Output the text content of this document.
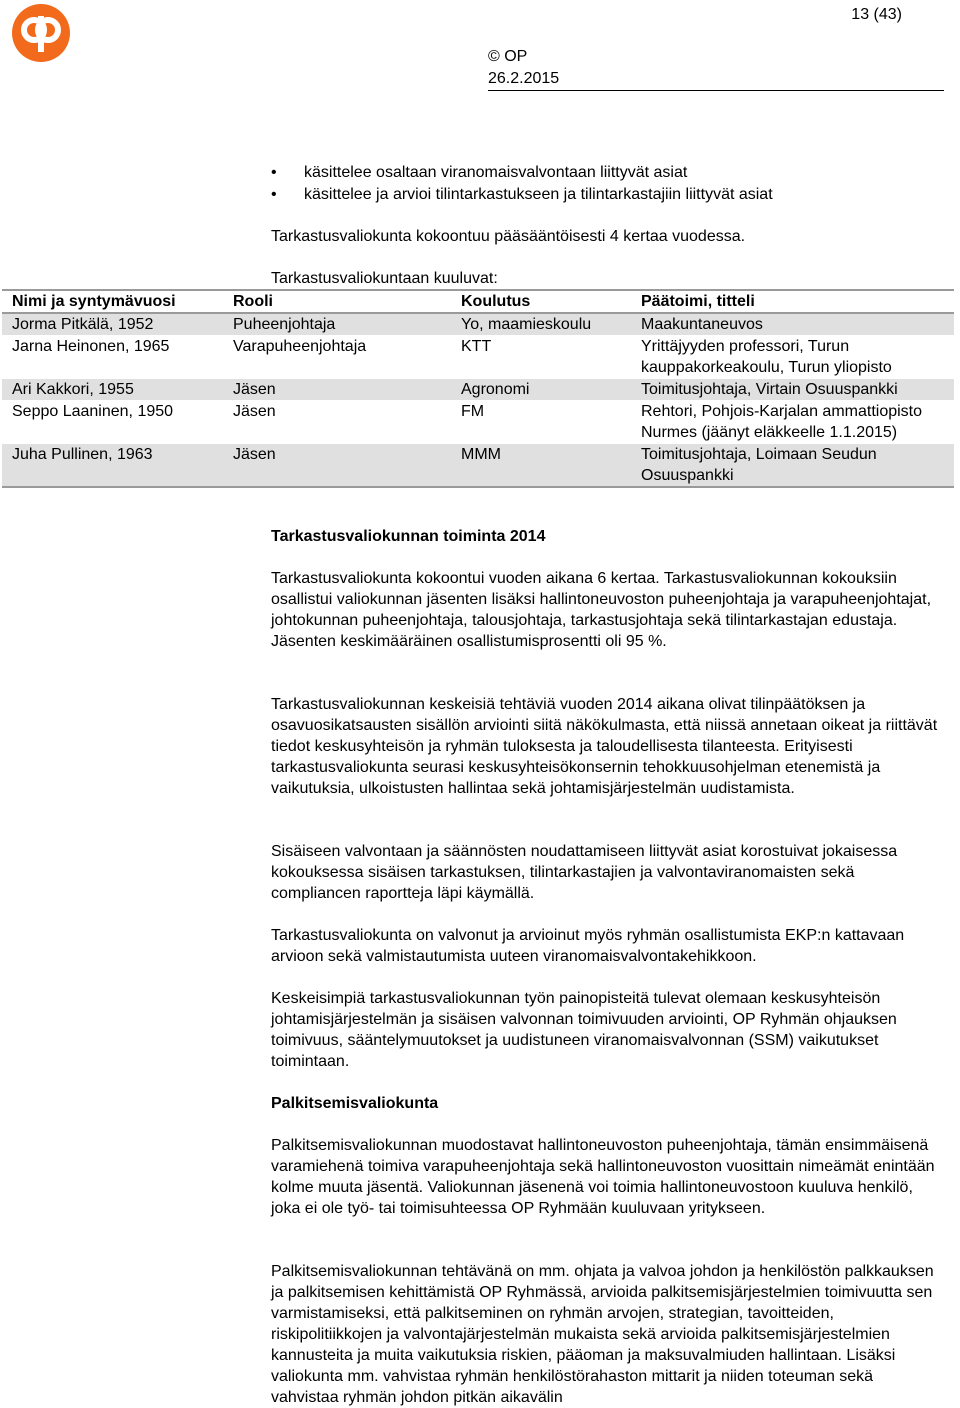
13 (43)
© OP
26.2.2015
• käsittelee osaltaan viranomaisvalvontaan liittyvät asiat
• käsittelee ja arvioi tilintarkastukseen ja tilintarkastajiin liittyvät asiat

Tarkastusvaliokunta kokoontuu pääsääntöisesti 4 kertaa vuodessa.

Tarkastusvaliokuntaan kuuluvat:
Nimi ja syntymävuosi	Rooli	Koulutus	Päätoimi, titteli
Jorma Pitkälä, 1952	Puheenjohtaja	Yo, maamieskoulu	Maakuntaneuvos
Jarna Heinonen, 1965	Varapuheenjohtaja	KTT	Yrittäjyyden professori, Turun kauppakorkeakoulu, Turun yliopisto
Ari Kakkori, 1955	Jäsen	Agronomi	Toimitusjohtaja, Virtain Osuuspankki
Seppo Laaninen, 1950	Jäsen	FM	Rehtori, Pohjois-Karjalan ammattiopisto Nurmes (jäänyt eläkkeelle 1.1.2015)
Juha Pullinen, 1963	Jäsen	MMM	Toimitusjohtaja, Loimaan Seudun Osuuspankki
Tarkastusvaliokunnan toiminta 2014

Tarkastusvaliokunta kokoontui vuoden aikana 6 kertaa. Tarkastusvaliokunnan kokouksiin osallistui valiokunnan jäsenten lisäksi hallintoneuvoston puheenjohtaja ja varapuheenjohtajat, johtokunnan puheenjohtaja, talousjohtaja, tarkastusjohtaja sekä tilintarkastajan edustaja. Jäsenten keskimääräinen osallistumisprosentti oli 95 %.

Tarkastusvaliokunnan keskeisiä tehtäviä vuoden 2014 aikana olivat tilinpäätöksen ja osavuosikatsausten sisällön arviointi siitä näkökulmasta, että niissä annetaan oikeat ja riittävät tiedot keskusyhteisön ja ryhmän tuloksesta ja taloudellisesta tilanteesta. Erityisesti tarkastusvaliokunta seurasi keskusyhteisökonsernin tehokkuusohjelman etenemistä ja vaikutuksia, ulkoistusten hallintaa sekä johtamisjärjestelmän uudistamista.

Sisäiseen valvontaan ja säännösten noudattamiseen liittyvät asiat korostuivat jokaisessa kokouksessa sisäisen tarkastuksen, tilintarkastajien ja valvontaviranomaisten sekä compliancen raportteja läpi käymällä.

Tarkastusvaliokunta on valvonut ja arvioinut myös ryhmän osallistumista EKP:n kattavaan arvioon sekä valmistautumista uuteen viranomaisvalvontakehikkoon.

Keskeisimpiä tarkastusvaliokunnan työn painopisteitä tulevat olemaan keskusyhteisön johtamisjärjestelmän ja sisäisen valvonnan toimivuuden arviointi, OP Ryhmän ohjauksen toimivuus, sääntelymuutokset ja uudistuneen viranomaisvalvonnan (SSM) vaikutukset toimintaan.

Palkitsemisvaliokunta

Palkitsemisvaliokunnan muodostavat hallintoneuvoston puheenjohtaja, tämän ensimmäisenä varamiehenä toimiva varapuheenjohtaja sekä hallintoneuvoston vuosittain nimeämät enintään kolme muuta jäsentä. Valiokunnan jäsenenä voi toimia hallintoneuvostoon kuuluva henkilö, joka ei ole työ- tai toimisuhteessa OP Ryhmään kuuluvaan yritykseen.

Palkitsemisvaliokunnan tehtävänä on mm. ohjata ja valvoa johdon ja henkilöstön palkkauksen ja palkitsemisen kehittämistä OP Ryhmässä, arvioida palkitsemisjärjestelmien toimivuutta sen varmistamiseksi, että palkitseminen on ryhmän arvojen, strategian, tavoitteiden, riskipolitiikkojen ja valvontajärjestelmän mukaista sekä arvioida palkitsemisjärjestelmien kannusteita ja muita vaikutuksia riskien, pääoman ja maksuvalmiuden hallintaan. Lisäksi valiokunta mm. vahvistaa ryhmän henkilöstörahaston mittarit ja niiden toteuman sekä vahvistaa ryhmän johdon pitkän aikavälin
